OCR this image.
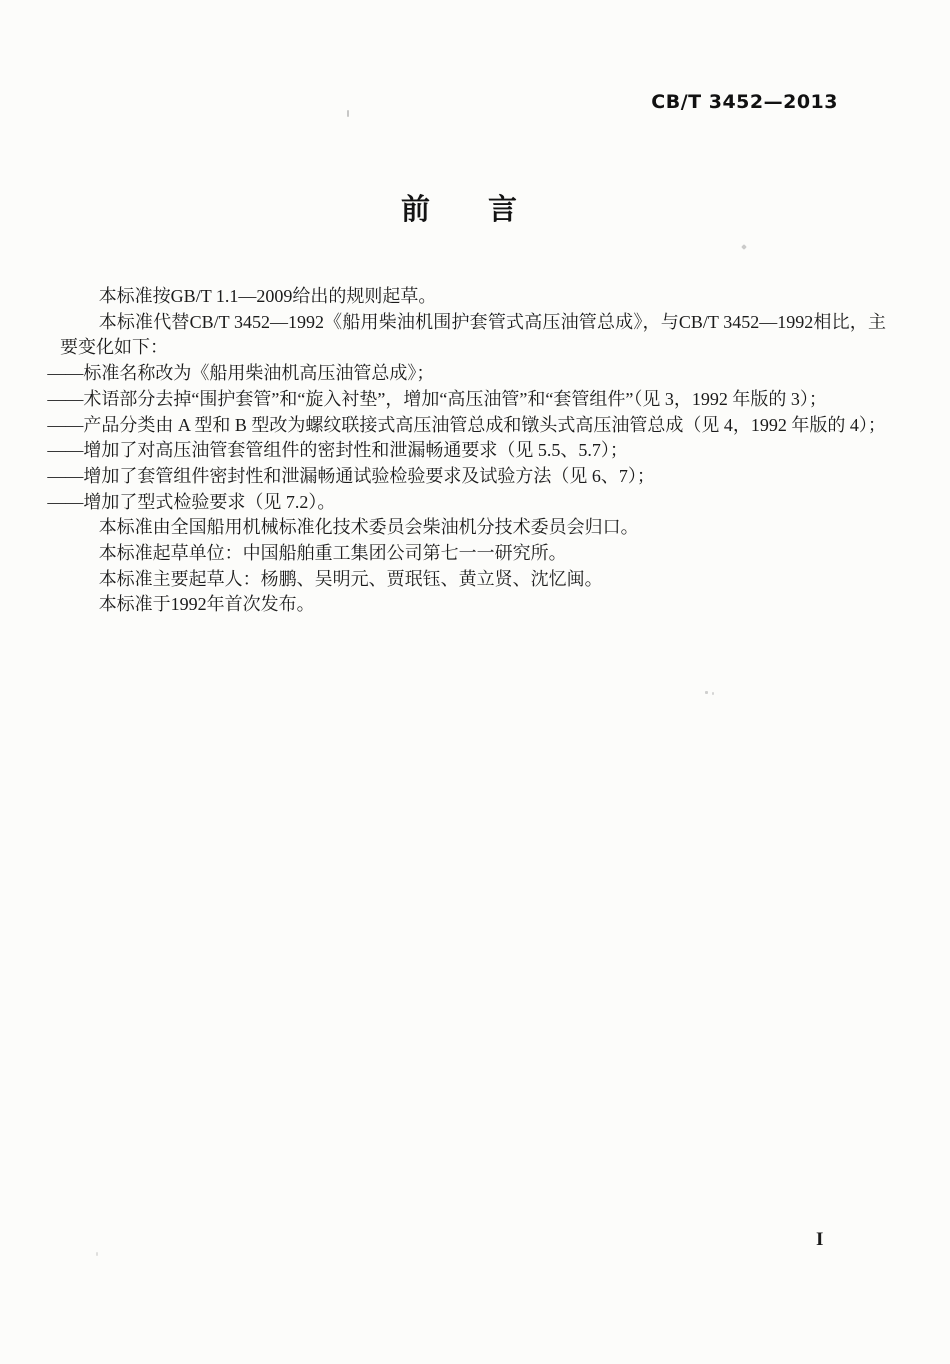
CB/T 3452—2013
前　　言

本标准按GB/T 1.1—2009给出的规则起草。

本标准代替CB/T 3452—1992《船用柴油机围护套管式高压油管总成》，与CB/T 3452—1992相比，主要变化如下：

——标准名称改为《船用柴油机高压油管总成》；

——术语部分去掉“围护套管”和“旋入衬垫”，增加“高压油管”和“套管组件”（见 3，1992 年版的 3）；

——产品分类由 A 型和 B 型改为螺纹联接式高压油管总成和镦头式高压油管总成（见 4，1992 年版的 4）；

——增加了对高压油管套管组件的密封性和泄漏畅通要求（见 5.5、5.7）；

——增加了套管组件密封性和泄漏畅通试验检验要求及试验方法（见 6、7）；

——增加了型式检验要求（见 7.2）。

本标准由全国船用机械标准化技术委员会柴油机分技术委员会归口。

本标准起草单位：中国船舶重工集团公司第七一一研究所。

本标准主要起草人：杨鹏、吴明元、贾珉钰、黄立贤、沈忆闽。

本标准于1992年首次发布。

I
